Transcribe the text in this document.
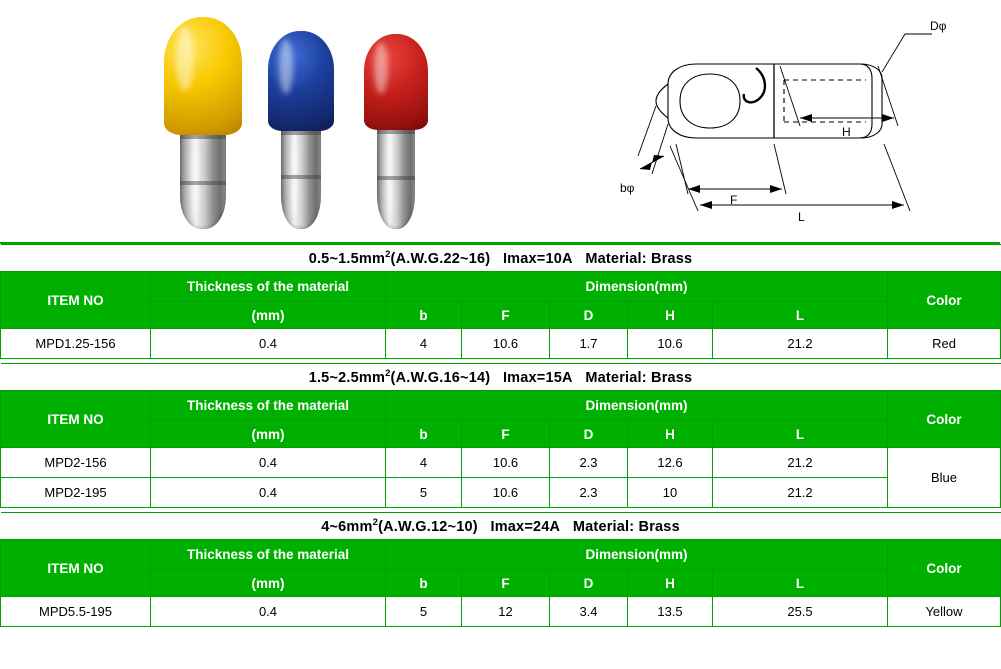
Dφ
bφ
F
H
L
$0.5\sim 1.5mm^2(A.W.G.22\sim 16)$ Imax=10A Material: Brass							
ITEM NO	Thickness of the material	Dimension(mm)					Color
	(mm)	b	F	D	H	L	
MPD1.25-156	0.4	4	10.6	1.7	10.6	21.2	Red
$1.5\sim 2.5mm^2(A.W.G.16\sim 14)$ Imax=15A Material: Brass							
ITEM NO	Thickness of the material	Dimension(mm)					Color
	(mm)	b	F	D	H	L	
MPD2-156	0.4	4	10.6	2.3	12.6	21.2	Blue
MPD2-195	0.4	5	10.6	2.3	10	21.2	
$4\sim 6mm^2(A.W.G.12\sim 10)$ Imax=24A Material: Brass							
ITEM NO	Thickness of the material	Dimension(mm)					Color
	(mm)	b	F	D	H	L	
MPD5.5-195	0.4	5	12	3.4	13.5	25.5	Yellow
